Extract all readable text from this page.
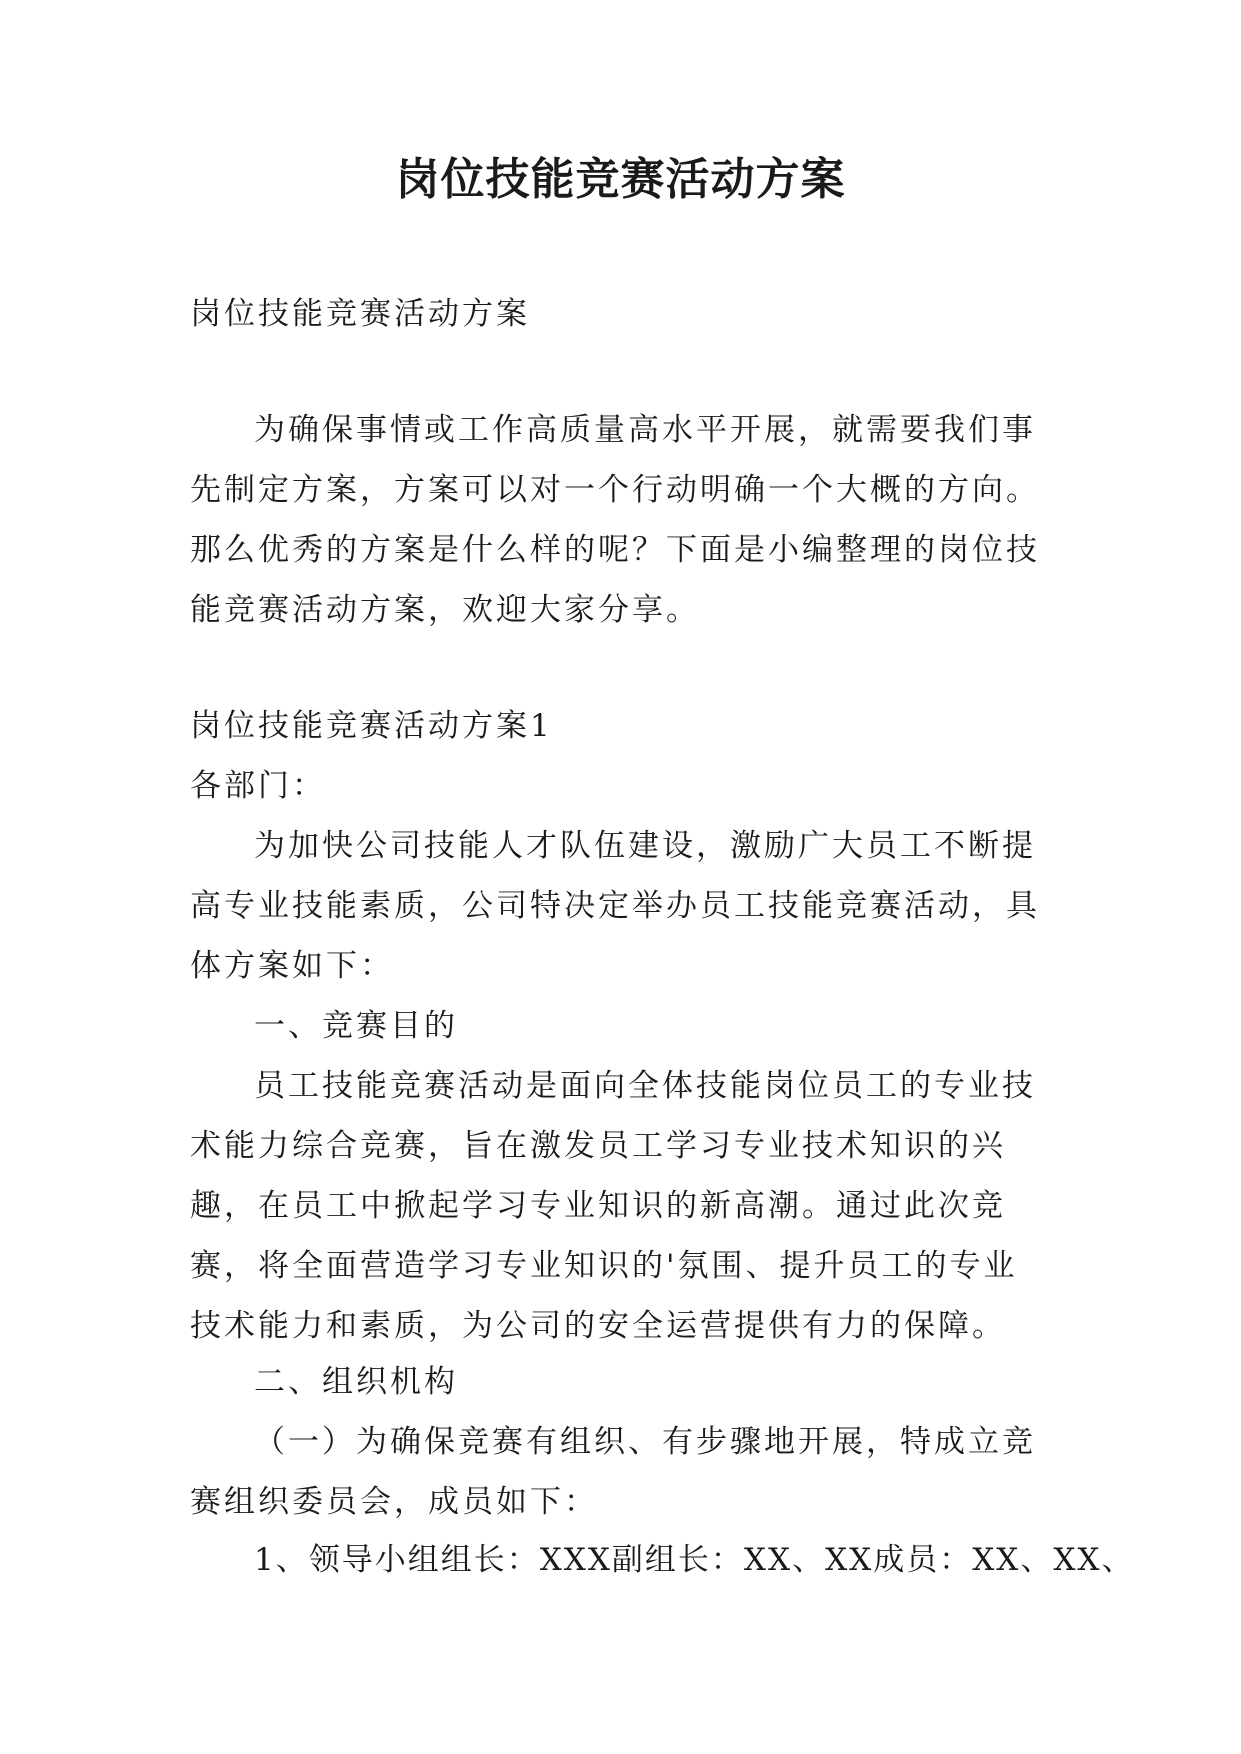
岗位技能竞赛活动方案

岗位技能竞赛活动方案

为确保事情或工作高质量高水平开展，就需要我们事先制定方案，方案可以对一个行动明确一个大概的方向。那么优秀的方案是什么样的呢？下面是小编整理的岗位技能竞赛活动方案，欢迎大家分享。

岗位技能竞赛活动方案1

各部门：

为加快公司技能人才队伍建设，激励广大员工不断提高专业技能素质，公司特决定举办员工技能竞赛活动，具体方案如下：

一、竞赛目的

员工技能竞赛活动是面向全体技能岗位员工的专业技术能力综合竞赛，旨在激发员工学习专业技术知识的兴趣，在员工中掀起学习专业知识的新高潮。通过此次竞赛，将全面营造学习专业知识的'氛围、提升员工的专业技术能力和素质，为公司的安全运营提供有力的保障。

二、组织机构

（一）为确保竞赛有组织、有步骤地开展，特成立竞赛组织委员会，成员如下：

1、领导小组组长：XXX副组长：XX、XX成员：XX、XX、
